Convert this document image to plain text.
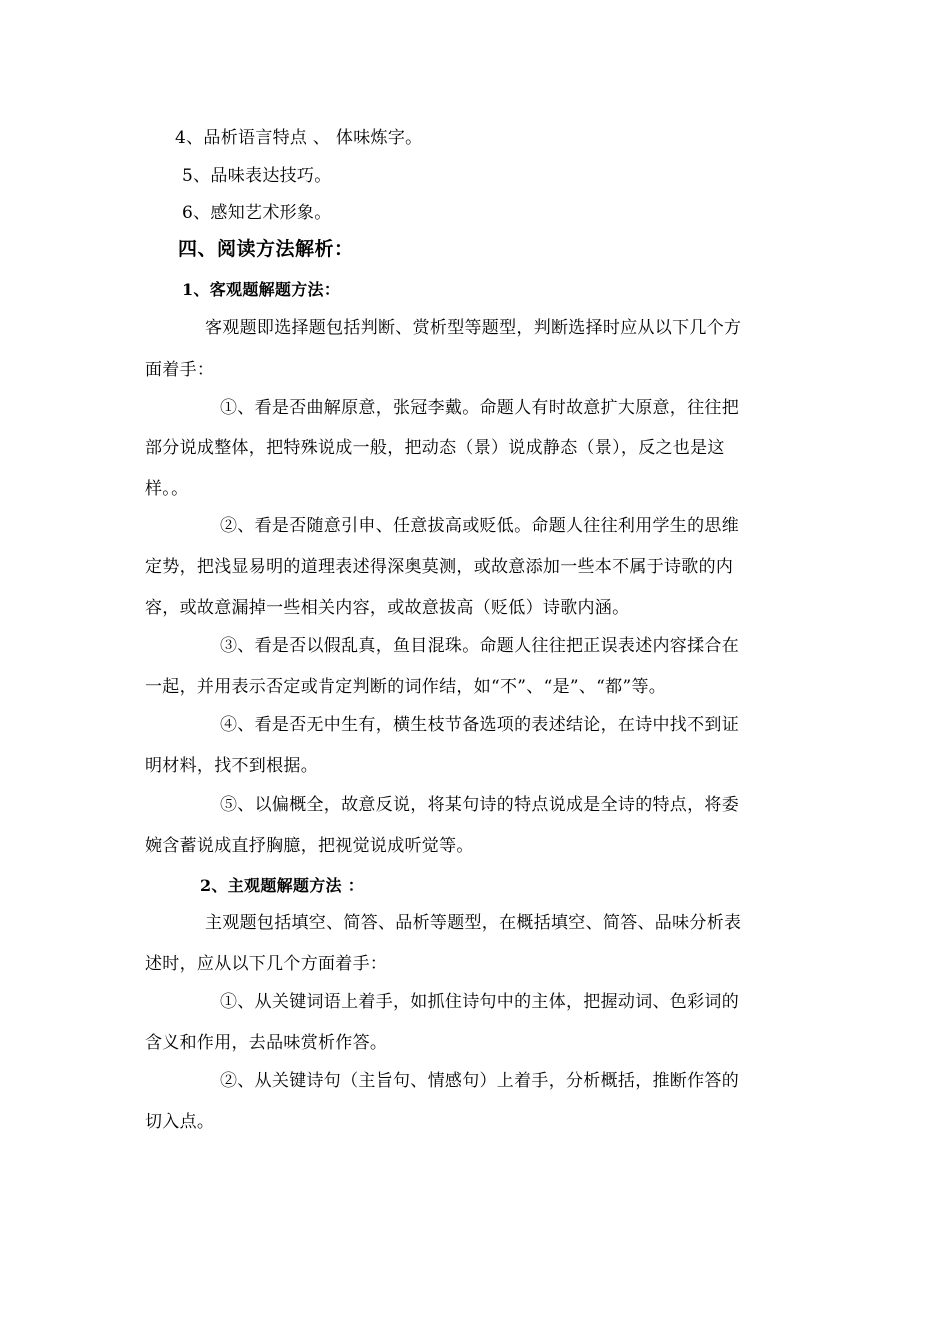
4、品析语言特点 、 体味炼字。
5、品味表达技巧。
6、感知艺术形象。
四、阅读方法解析：
1、客观题解题方法：
客观题即选择题包括判断、赏析型等题型，判断选择时应从以下几个方
面着手：
①、看是否曲解原意，张冠李戴。命题人有时故意扩大原意，往往把
部分说成整体，把特殊说成一般，把动态（景）说成静态（景），反之也是这
样。。
②、看是否随意引申、任意拔高或贬低。命题人往往利用学生的思维
定势，把浅显易明的道理表述得深奥莫测，或故意添加一些本不属于诗歌的内
容，或故意漏掉一些相关内容，或故意拔高（贬低）诗歌内涵。
③、看是否以假乱真，鱼目混珠。命题人往往把正误表述内容揉合在
一起，并用表示否定或肯定判断的词作结，如“不”、“是”、“都”等。
④、看是否无中生有，横生枝节备选项的表述结论，在诗中找不到证
明材料，找不到根据。
⑤、以偏概全，故意反说，将某句诗的特点说成是全诗的特点，将委
婉含蓄说成直抒胸臆，把视觉说成听觉等。
2、主观题解题方法 ：
主观题包括填空、简答、品析等题型，在概括填空、简答、品味分析表
述时，应从以下几个方面着手：
①、从关键词语上着手，如抓住诗句中的主体，把握动词、色彩词的
含义和作用，去品味赏析作答。
②、从关键诗句（主旨句、情感句）上着手，分析概括，推断作答的
切入点。
